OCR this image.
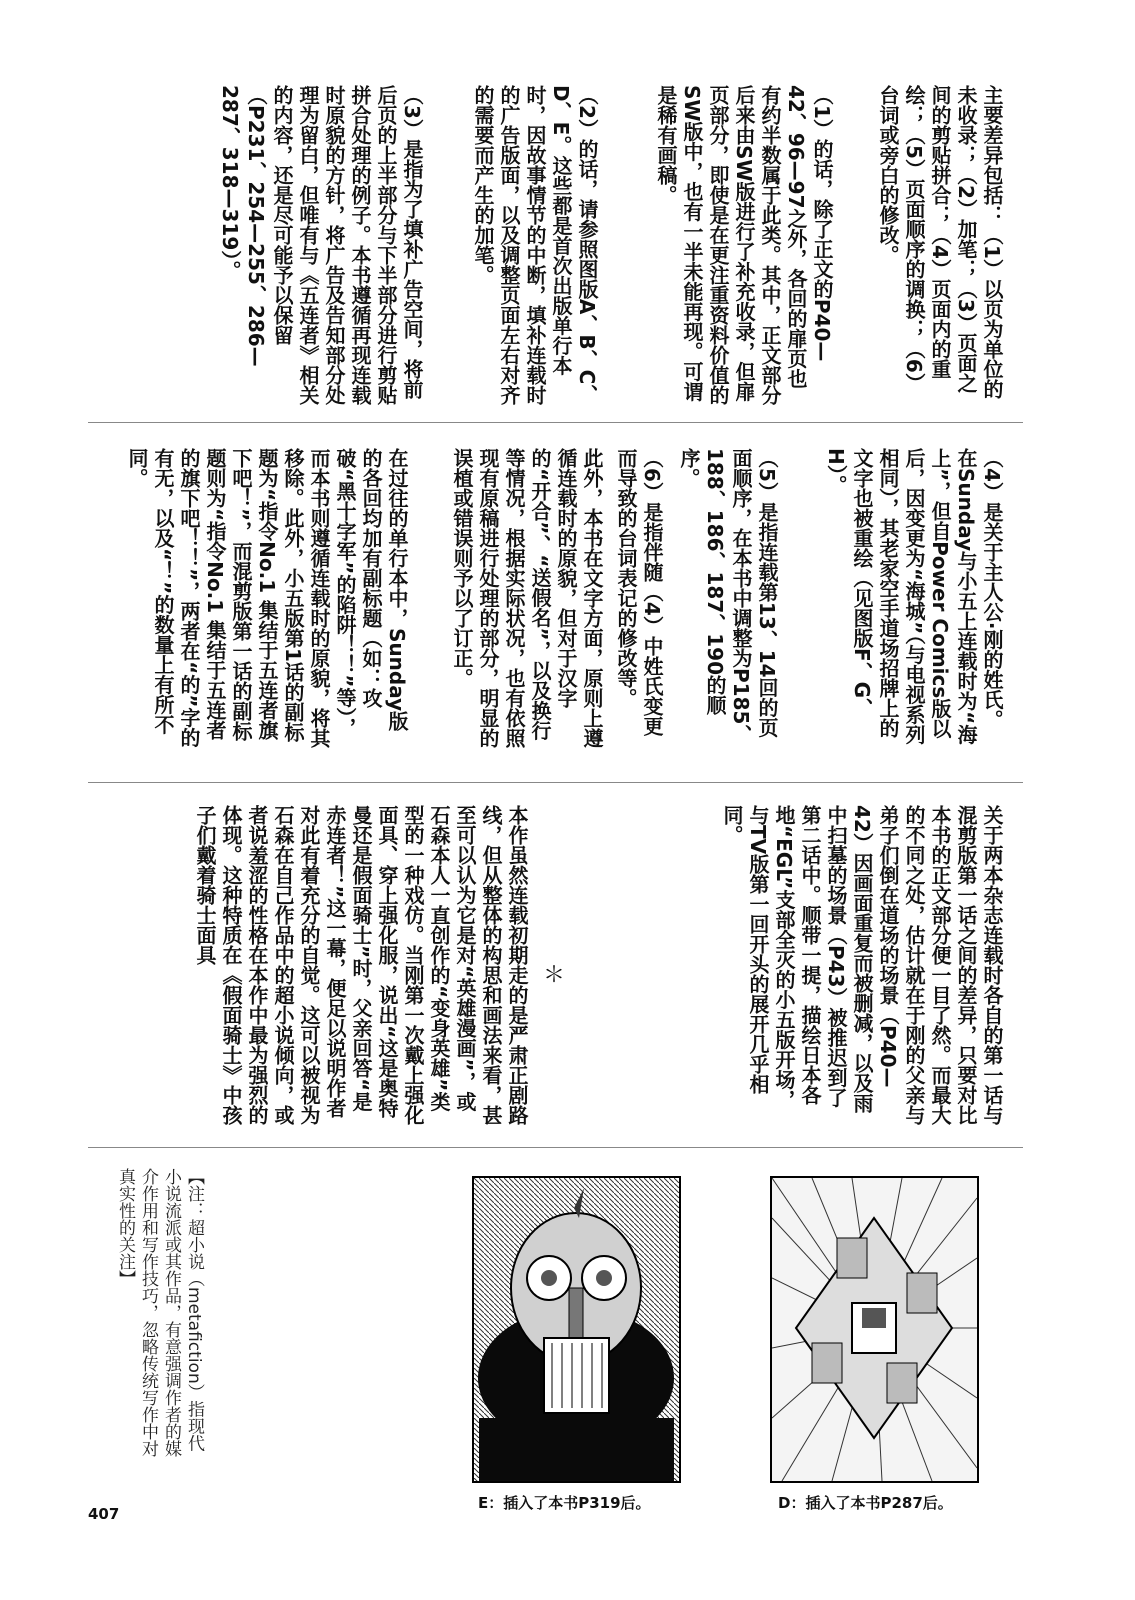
主要差异包括：（1）以页为单位的未收录；（2）加笔；（3）页面之间的剪贴拼合；（4）页面内的重绘；（5）页面顺序的调换；（6）台词或旁白的修改。
（1）的话，除了正文的P40—42、96—97之外，各回的扉页也有约半数属于此类。其中，正文部分后来由SW版进行了补充收录，但扉页部分，即使是在更注重资料价值的SW版中，也有一半未能再现。可谓是稀有画稿。
（2）的话，请参照图版A、B、C、D、E。这些都是首次出版单行本时，因故事情节的中断，填补连载时的广告版面，以及调整页面左右对齐的需要而产生的加笔。
（3）是指为了填补广告空间，将前后页的上半部分与下半部分进行剪贴拼合处理的例子。本书遵循再现连载时原貌的方针，将广告及告知部分处理为留白，但唯有与《五连者》相关的内容，还是尽可能予以保留（P231、254—255、286—287、318—319）。
（4）是关于主人公·刚的姓氏。在Sunday与小五上连载时为“海上”，但自Power Comics版以后，因变更为“海城”（与电视系列相同），其老家空手道场招牌上的文字也被重绘（见图版F、G、H）。
（5）是指连载第13、14回的页面顺序，在本书中调整为P185、188、186、187、190的顺序。
（6）是指伴随（4）中姓氏变更而导致的台词表记的修改等。
此外，本书在文字方面，原则上遵循连载时的原貌，但对于汉字的“开合”、“送假名”，以及换行等情况，根据实际状况，也有依照现有原稿进行处理的部分，明显的误植或错误则予以了订正。
在过往的单行本中，Sunday版的各回均加有副标题（如：攻破“黑十字军”的陷阱！！”等），而本书则遵循连载时的原貌，将其移除。此外，小五版第1话的副标题为“指令No.1 集结于五连者旗下吧！”，而混剪版第一话的副标题则为“指令No.1 集结于五连者的旗下吧！！”，两者在“的”字的有无，以及“！”的数量上有所不同。
关于两本杂志连载时各自的第一话与混剪版第一话之间的差异，只要对比本书的正文部分便一目了然。而最大的不同之处，估计就在于刚的父亲与弟子们倒在道场的场景（P40—42）因画面重复而被删减，以及雨中扫墓的场景（P43）被推迟到了第二话中。顺带一提，描绘日本各地“EGL”支部全灭的小五版开场，与TV版第一回开头的展开几乎相同。
＊
本作虽然连载初期走的是严肃正剧路线，但从整体的构思和画法来看，甚至可以认为它是对“英雄漫画”，或石森本人一直创作的“变身英雄”类型的一种戏仿。当刚第一次戴上强化面具、穿上强化服，说出“这是奥特曼还是假面骑士”时，父亲回答“是赤连者！”这一幕，便足以说明作者对此有着充分的自觉。这可以被视为石森在自己作品中的超小说倾向，或者说羞涩的性格在本作中最为强烈的体现。这种特质在《假面骑士》中孩子们戴着骑士面具
【注：超小说（metafiction）指现代小说流派或其作品，有意强调作者的媒介作用和写作技巧，忽略传统写作中对真实性的关注】
E：插入了本书P319后。	D：插入了本书P287后。
407
